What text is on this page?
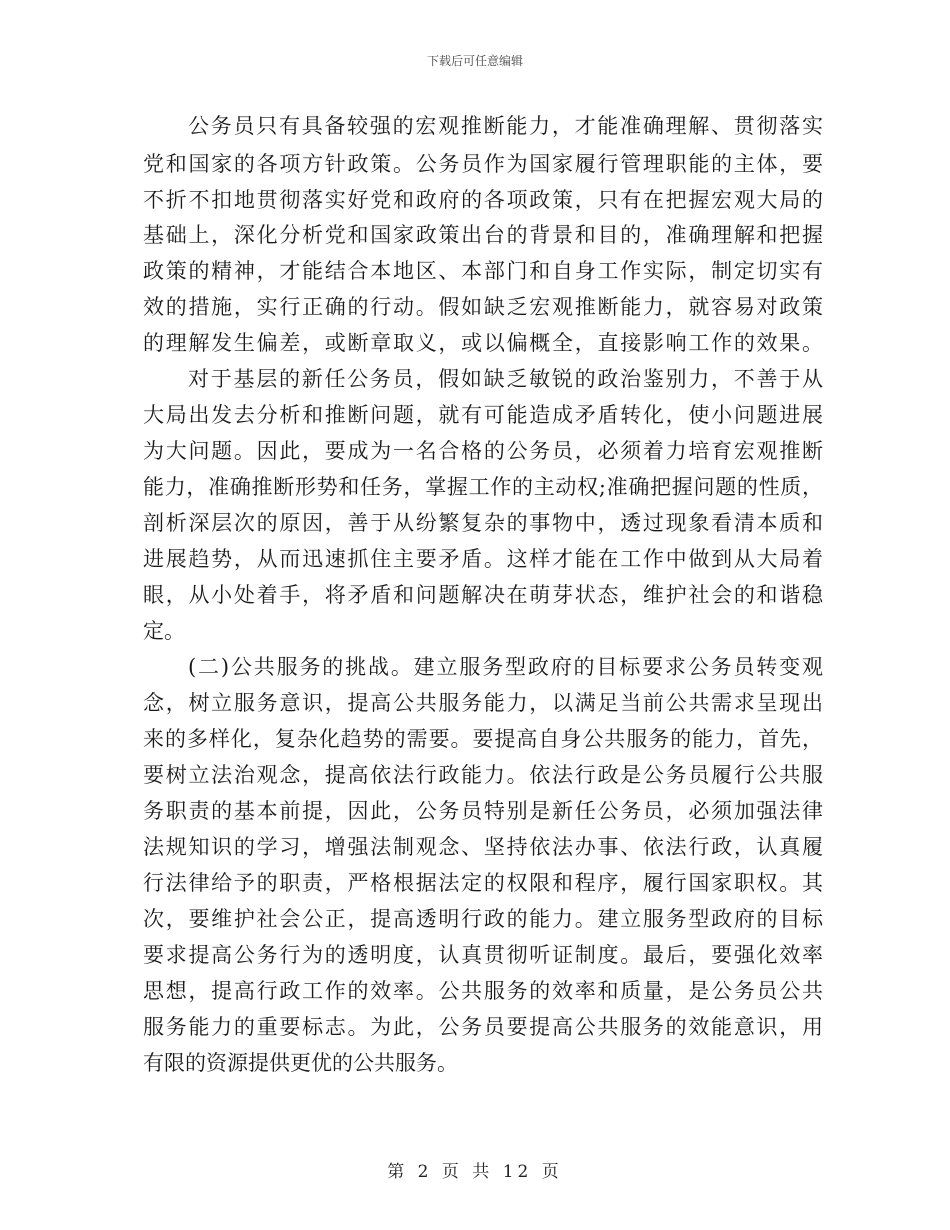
下载后可任意编辑
公务员只有具备较强的宏观推断能力，才能准确理解、贯彻落实
党和国家的各项方针政策。公务员作为国家履行管理职能的主体，要
不折不扣地贯彻落实好党和政府的各项政策，只有在把握宏观大局的
基础上，深化分析党和国家政策出台的背景和目的，准确理解和把握
政策的精神，才能结合本地区、本部门和自身工作实际，制定切实有
效的措施，实行正确的行动。假如缺乏宏观推断能力，就容易对政策
的理解发生偏差，或断章取义，或以偏概全，直接影响工作的效果。
对于基层的新任公务员，假如缺乏敏锐的政治鉴别力，不善于从
大局出发去分析和推断问题，就有可能造成矛盾转化，使小问题进展
为大问题。因此，要成为一名合格的公务员，必须着力培育宏观推断
能力，准确推断形势和任务，掌握工作的主动权;准确把握问题的性质，
剖析深层次的原因，善于从纷繁复杂的事物中，透过现象看清本质和
进展趋势，从而迅速抓住主要矛盾。这样才能在工作中做到从大局着
眼，从小处着手，将矛盾和问题解决在萌芽状态，维护社会的和谐稳
定。
(二)公共服务的挑战。建立服务型政府的目标要求公务员转变观
念，树立服务意识，提高公共服务能力，以满足当前公共需求呈现出
来的多样化，复杂化趋势的需要。要提高自身公共服务的能力，首先，
要树立法治观念，提高依法行政能力。依法行政是公务员履行公共服
务职责的基本前提，因此，公务员特别是新任公务员，必须加强法律
法规知识的学习，增强法制观念、坚持依法办事、依法行政，认真履
行法律给予的职责，严格根据法定的权限和程序，履行国家职权。其
次，要维护社会公正，提高透明行政的能力。建立服务型政府的目标
要求提高公务行为的透明度，认真贯彻听证制度。最后，要强化效率
思想，提高行政工作的效率。公共服务的效率和质量，是公务员公共
服务能力的重要标志。为此，公务员要提高公共服务的效能意识，用
有限的资源提供更优的公共服务。
第 2 页 共 12 页
